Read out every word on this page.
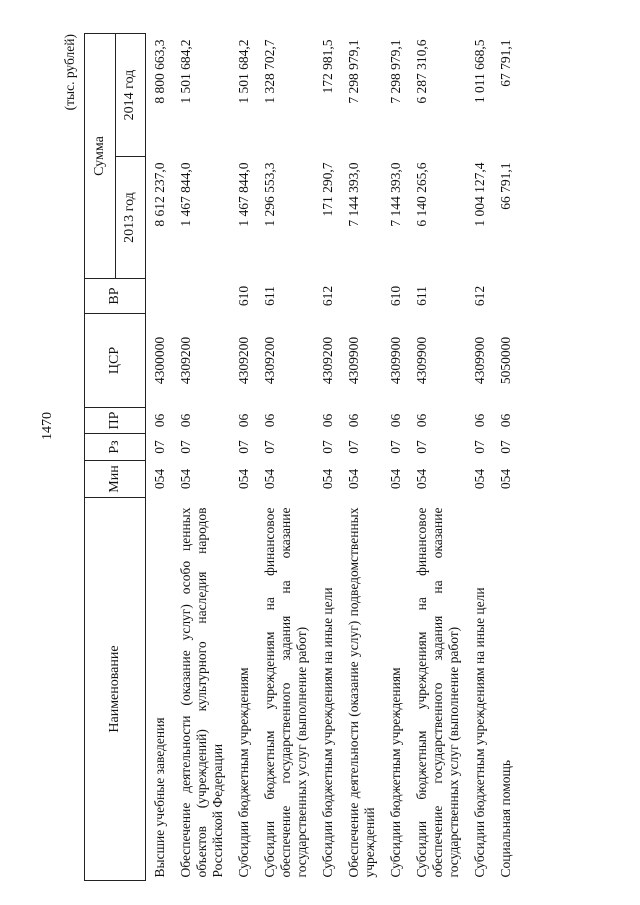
1470
(тыс. рублей)
Наименование	Мин	Рз	ПР	ЦСР	ВР	Сумма	
						2013 год	2014 год
Высшие учебные заведения	054	07	06	4300000		8 612 237,0	8 800 663,3
Обеспечение деятельности (оказание услуг) особо ценных объектов (учреждений) культурного наследия народов Российской Федерации	054	07	06	4309200		1 467 844,0	1 501 684,2
Субсидии бюджетным учреждениям	054	07	06	4309200	610	1 467 844,0	1 501 684,2
Субсидии бюджетным учреждениям на финансовое обеспечение государственного задания на оказание государственных услуг (выполнение работ)	054	07	06	4309200	611	1 296 553,3	1 328 702,7
Субсидии бюджетным учреждениям на иные цели	054	07	06	4309200	612	171 290,7	172 981,5
Обеспечение деятельности (оказание услуг) подведомственных учреждений	054	07	06	4309900		7 144 393,0	7 298 979,1
Субсидии бюджетным учреждениям	054	07	06	4309900	610	7 144 393,0	7 298 979,1
Субсидии бюджетным учреждениям на финансовое обеспечение государственного задания на оказание государственных услуг (выполнение работ)	054	07	06	4309900	611	6 140 265,6	6 287 310,6
Субсидии бюджетным учреждениям на иные цели	054	07	06	4309900	612	1 004 127,4	1 011 668,5
Социальная помощь	054	07	06	5050000		66 791,1	67 791,1
